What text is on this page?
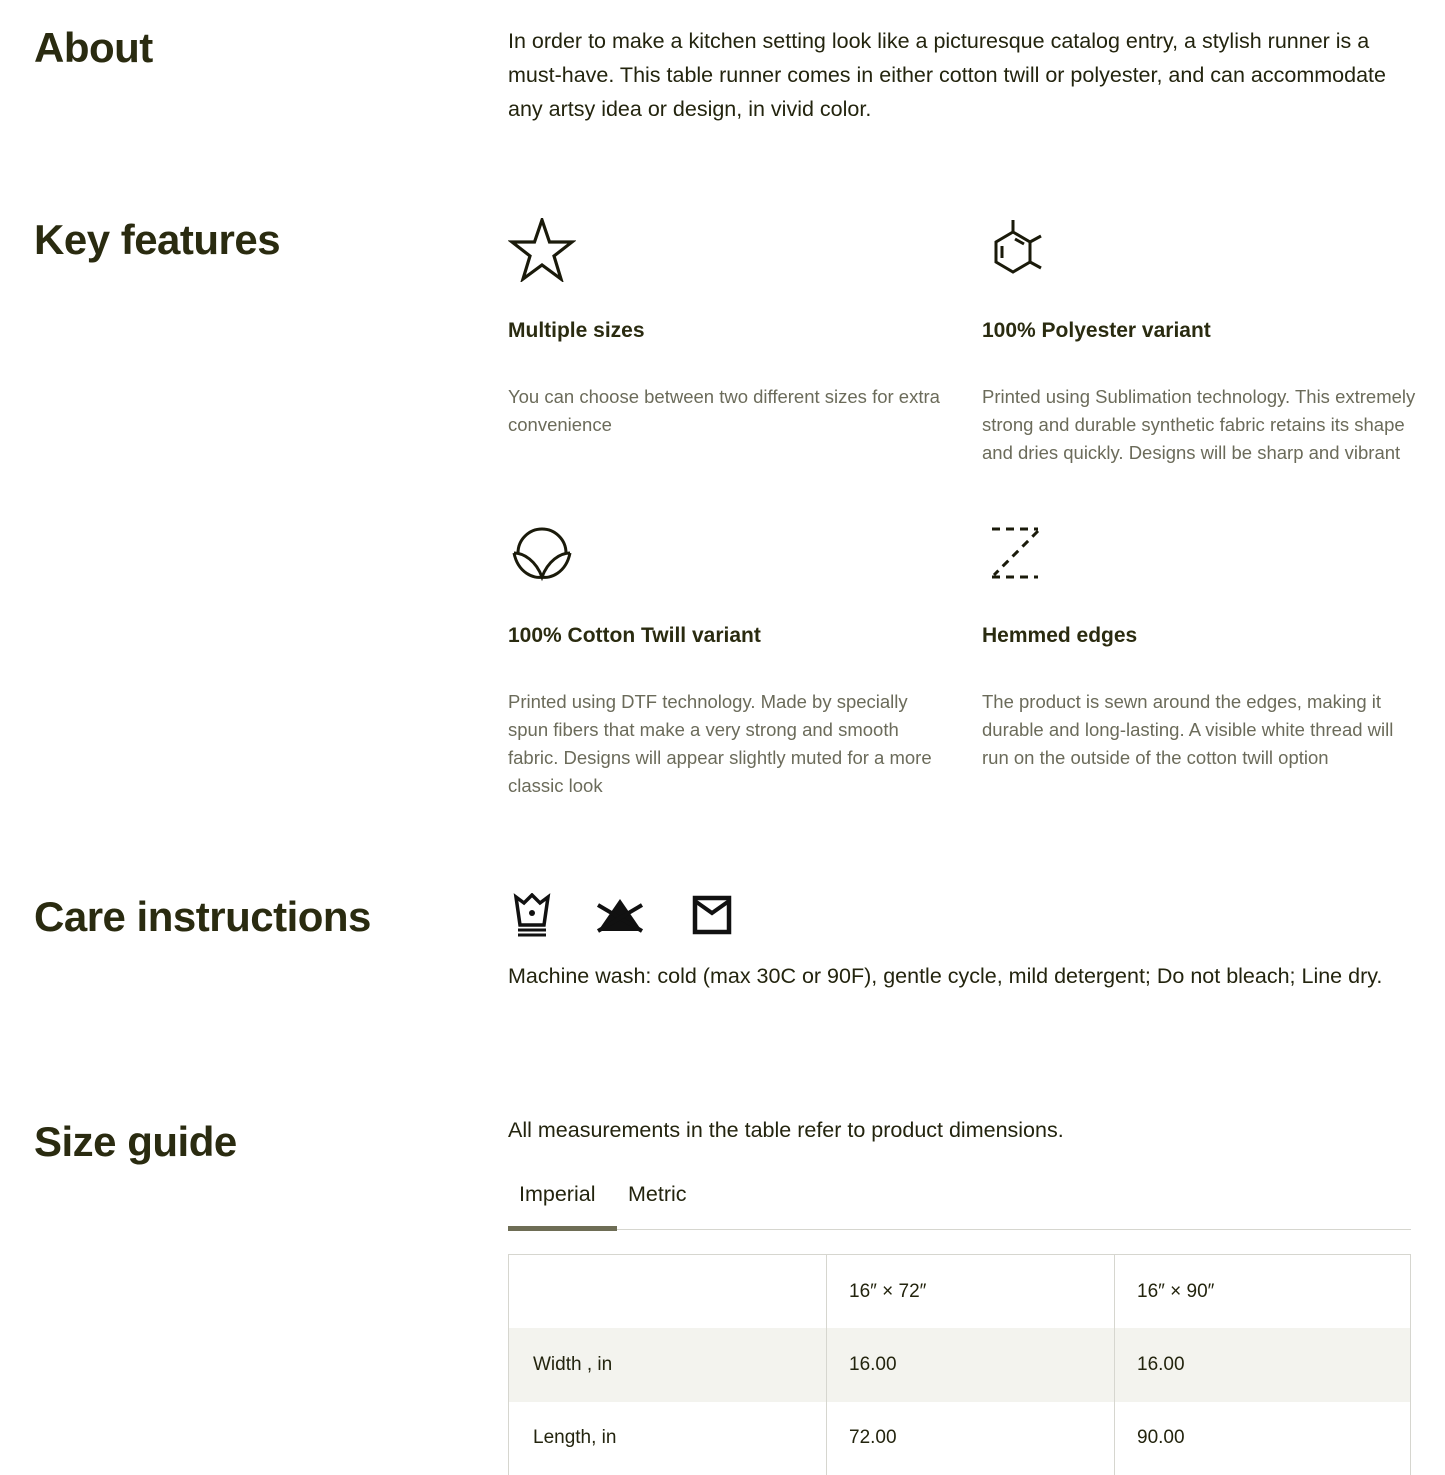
About	In order to make a kitchen setting look like a picturesque catalog entry, a stylish runner is a must-have. This table runner comes in either cotton twill or polyester, and can accommodate any artsy idea or design, in vivid color.

Key features
Multiple sizes

You can choose between two different sizes for extra convenience

100% Polyester variant

Printed using Sublimation technology. This extremely strong and durable synthetic fabric retains its shape and dries quickly. Designs will be sharp and vibrant

100% Cotton Twill variant

Printed using DTF technology. Made by specially spun fibers that make a very strong and smooth fabric. Designs will appear slightly muted for a more classic look

Hemmed edges

The product is sewn around the edges, making it durable and long-lasting. A visible white thread will run on the outside of the cotton twill option

Care instructions

Machine wash: cold (max 30C or 90F), gentle cycle, mild detergent; Do not bleach; Line dry.

Size guide	All measurements in the table refer to product dimensions.

Imperial	Metric
	16″ × 72″	16″ × 90″
Width , in	16.00	16.00
Length, in	72.00	90.00
